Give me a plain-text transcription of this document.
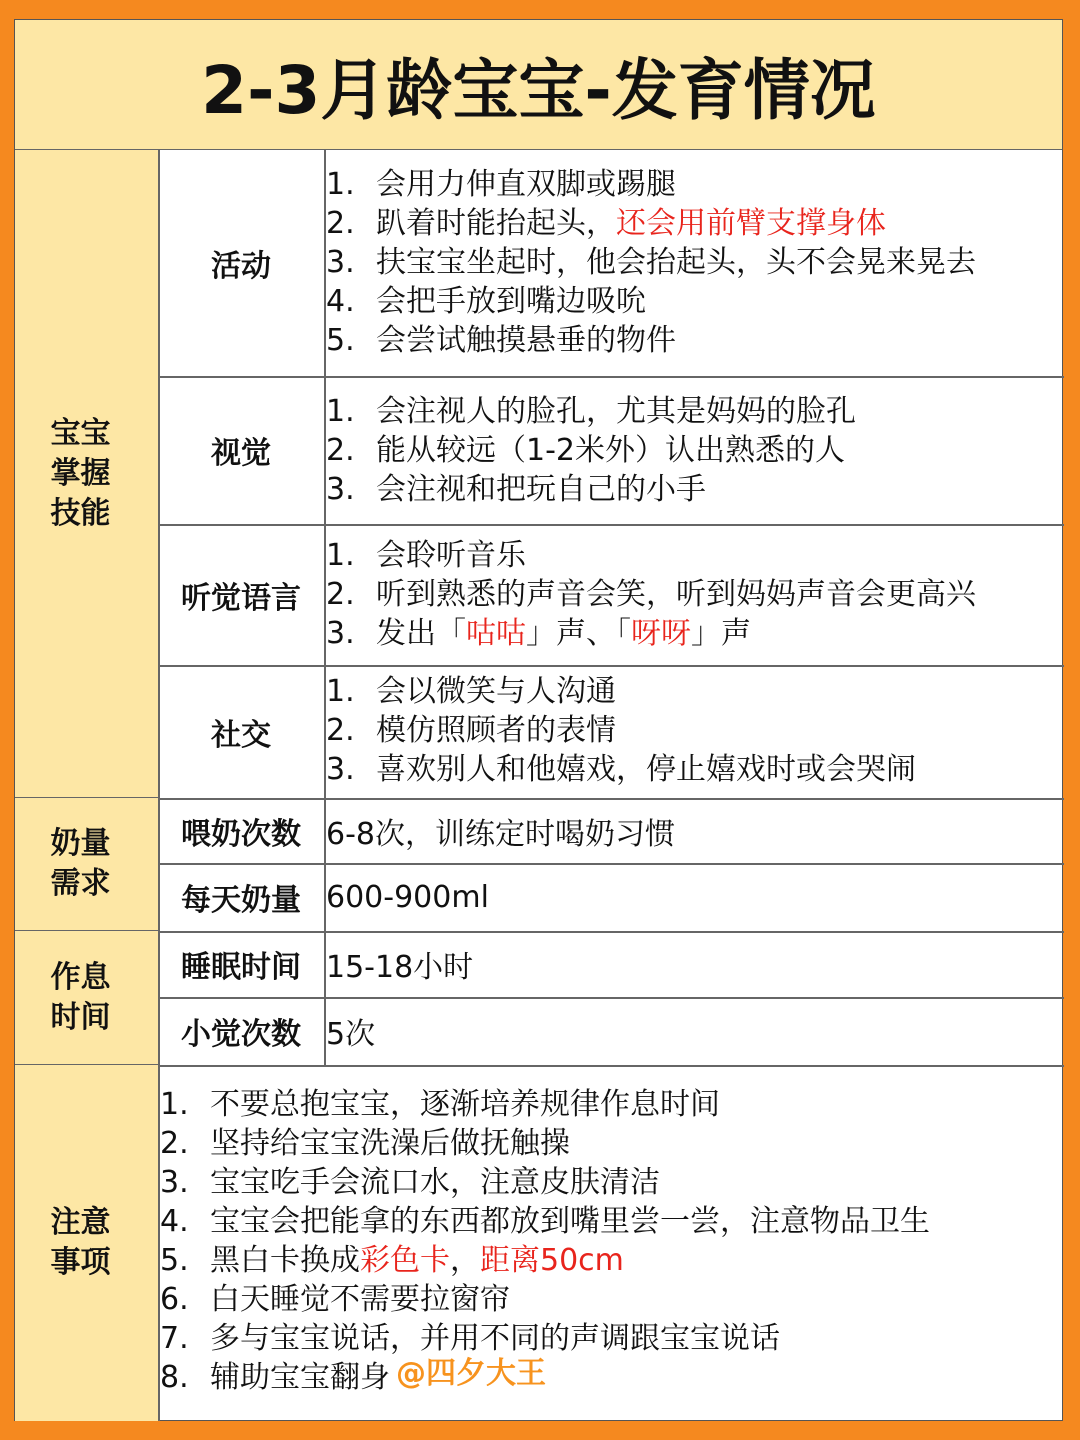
2-3月龄宝宝-发育情况
宝宝掌握技能
奶量需求
作息时间
注意事项
活动
1. 会用力伸直双脚或踢腿
2. 趴着时能抬起头， 还会用前臂支撑身体
3. 扶宝宝坐起时，他会抬起头，头不会晃来晃去
4. 会把手放到嘴边吸吮
5. 会尝试触摸悬垂的物件
视觉
1. 会注视人的脸孔，尤其是妈妈的脸孔
2. 能从较远（1-2米外）认出熟悉的人
3. 会注视和把玩自己的小手
听觉语言
1. 会聆听音乐
2. 听到熟悉的声音会笑，听到妈妈声音会更高兴
3. 发出「 咕咕 」声、「 呀呀 」声
社交
1. 会以微笑与人沟通
2. 模仿照顾者的表情
3. 喜欢别人和他嬉戏，停止嬉戏时或会哭闹
喂奶次数 6-8次，训练定时喝奶习惯
每天奶量 600-900ml
睡眠时间 15-18小时
小觉次数 5次
1. 不要总抱宝宝，逐渐培养规律作息时间
2. 坚持给宝宝洗澡后做抚触操
3. 宝宝吃手会流口水，注意皮肤清洁
4. 宝宝会把能拿的东西都放到嘴里尝一尝，注意物品卫生
5. 黑白卡换成 彩色卡 ， 距离50cm
6. 白天睡觉不需要拉窗帘
7. 多与宝宝说话，并用不同的声调跟宝宝说话
8. 辅助宝宝翻身 @四夕大王
